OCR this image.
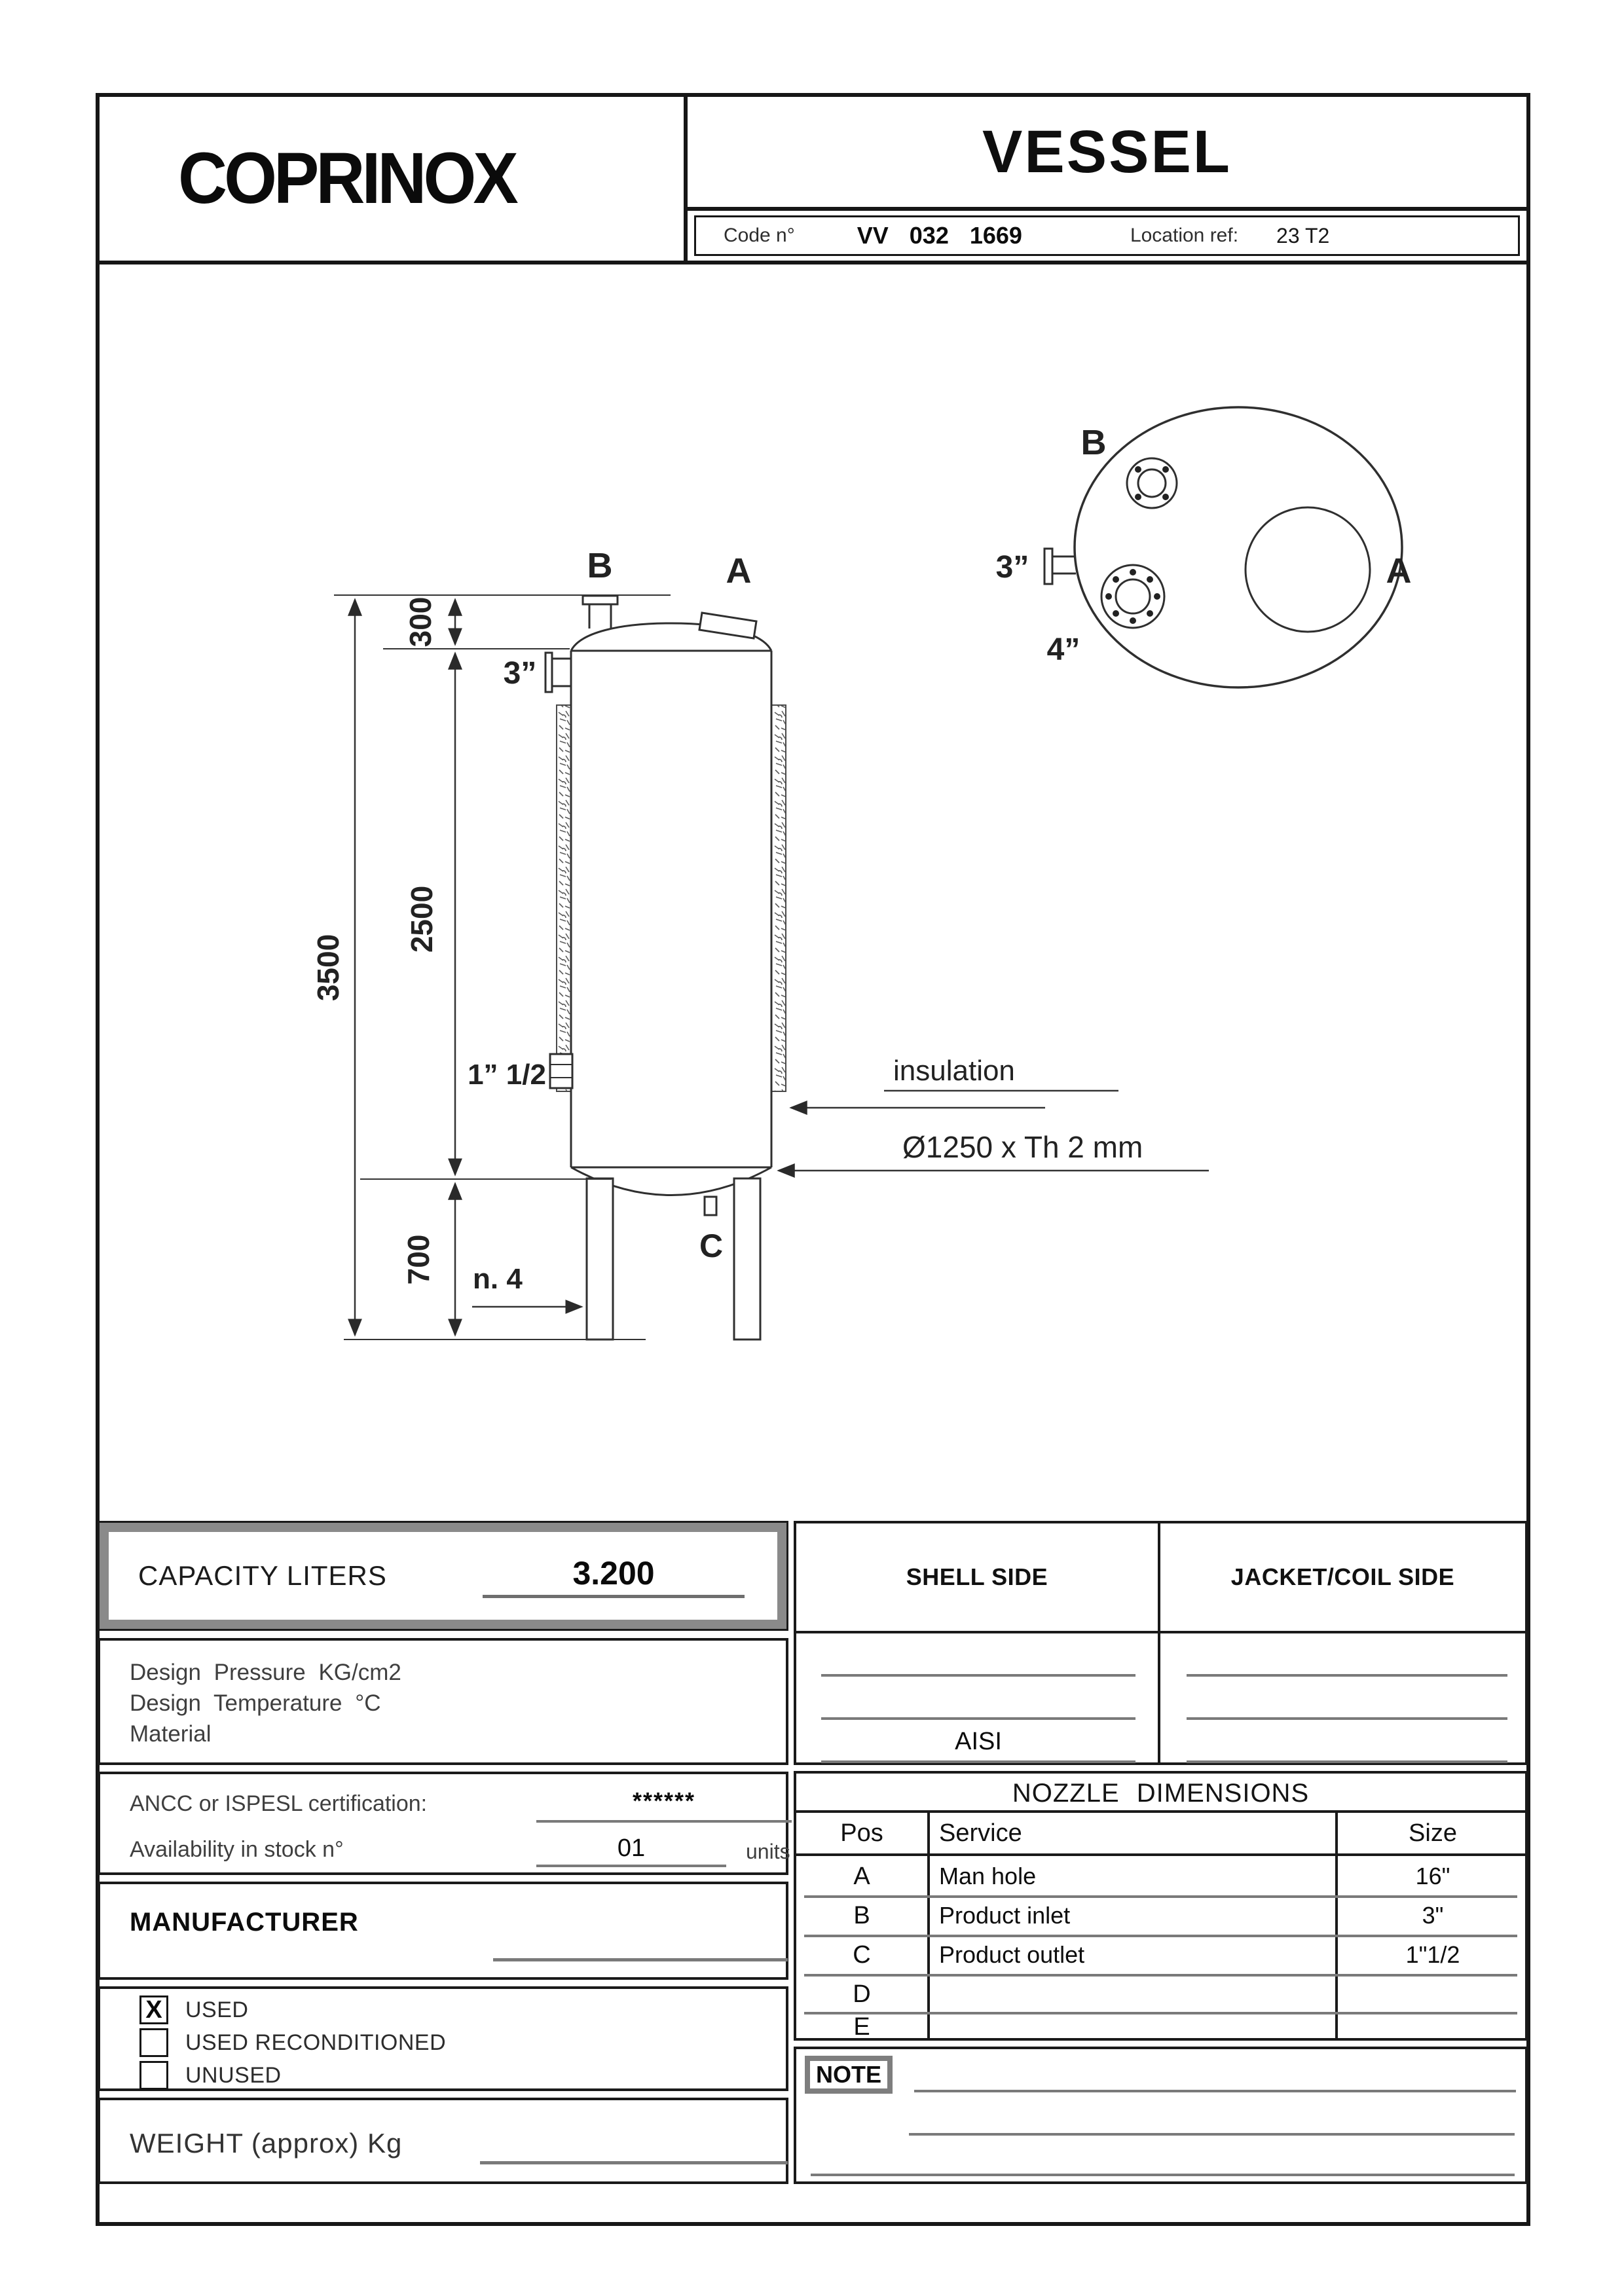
COPRINOX	VESSEL
Code n°	VV 032 1669	Location ref: 23 T2
300
2500
700
3500
B	A
C
3”
1” 1/2
n. 4
insulation
Ø1250 x Th 2 mm
B
A
3”
4”
CAPACITY LITERS	3.200
Design Pressure KG/cm2
Design Temperature °C
Material
ANCC or ISPESL certification:	******
Availability in stock n°	01	units
MANUFACTURER
X USED
USED RECONDITIONED
UNUSED
WEIGHT (approx) Kg
SHELL SIDE	JACKET/COIL SIDE
AISI
NOZZLE DIMENSIONS
Pos	Service	Size
A	Man hole	16"
B	Product inlet	3"
C	Product outlet	1"1/2
D
E
NOTE
